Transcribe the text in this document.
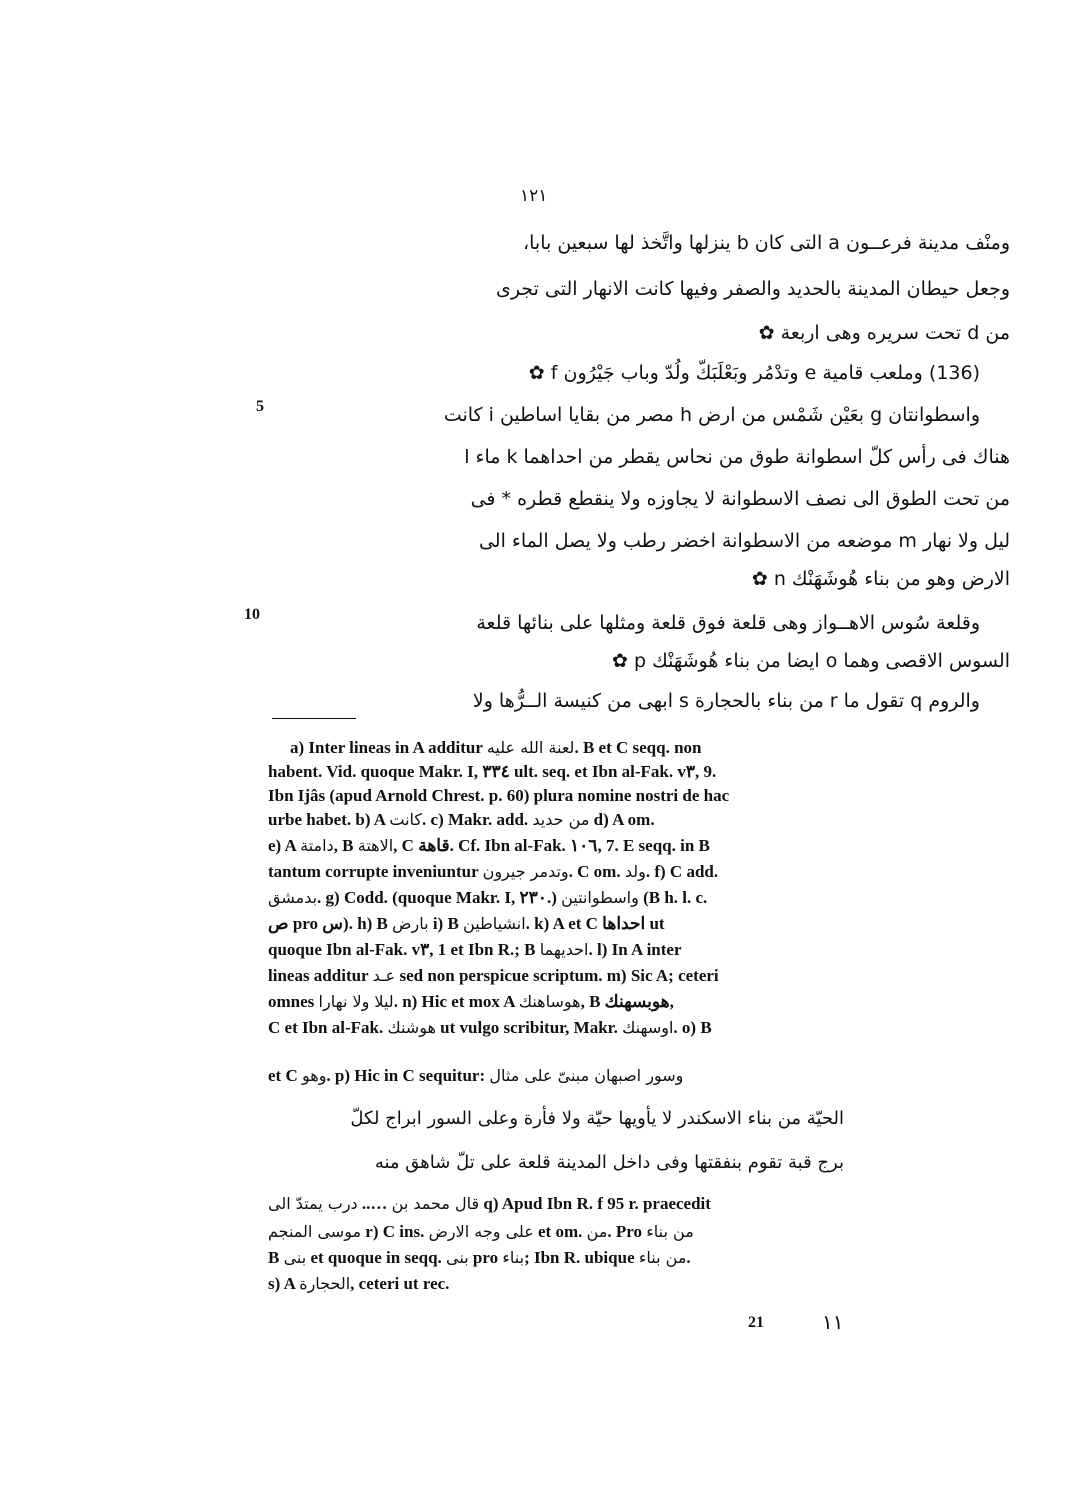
١٢١
ومنْف مدينة فرعــون a التى كان b ينزلها واتَّخذ لها سبعين بابا،
وجعل حيطان المدينة بالحديد والصفر وفيها كانت الانهار التى تجرى
من d تحت سريره وهى اربعة ✿
(136) وملعب قامية e وتدْمُر وبَعْلَبَكّ ولُدّ وباب جَيْرُون f ✿
واسطوانتان g بعَيْن شَمْس من ارض h مصر من بقايا اساطين i كانت
5
هناك فى رأس كلّ اسطوانة طوق من نحاس يقطر من احداهما k ماء l
من تحت الطوق الى نصف الاسطوانة لا يجاوزه ولا ينقطع قطره * فى
ليل ولا نهار m موضعه من الاسطوانة اخضر رطب ولا يصل الماء الى
الارض وهو من بناء هُوشَهَنْك n ✿
وقلعة سُوس الاهــواز وهى قلعة فوق قلعة ومثلها على بنائها قلعة
10
السوس الاقصى وهما o ايضا من بناء هُوشَهَنْك p ✿
والروم q تقول ما r من بناء بالحجارة s ابهى من كنيسة الــرُّها ولا
a) Inter lineas in A additur لعنة الله عليه. B et C seqq. non
habent. Vid. quoque Makr. I, ٣٣٤ ult. seq. et Ibn al-Fak. v٣, 9.
Ibn Ijâs (apud Arnold Chrest. p. 60) plura nomine nostri de hac
urbe habet. b) A كانت. c) Makr. add. من حديد d) A om.
e) A دامتة, B الاهتة, C قاهة. Cf. Ibn al-Fak. ١٠٦, 7. E seqq. in B
tantum corrupte inveniuntur وتدمر جيرون. C om. ولد. f) C add.
بدمشق. g) Codd. (quoque Makr. I, ٢٣٠.) واسطوانتين (B h. l. c.
ص pro س). h) B بارض i) B انشياطين. k) A et C احداها ut
quoque Ibn al-Fak. v٣, 1 et Ibn R.; B احديهما. l) In A inter
lineas additur عـد sed non perspicue scriptum. m) Sic A; ceteri
omnes ليلا ولا نهارا. n) Hic et mox A هوساهنك, B هوبسهنك,
C et Ibn al-Fak. هوشنك ut vulgo scribitur, Makr. اوسهنك. o) B
et C وهو. p) Hic in C sequitur: وسور اصبهان مبنىّ على مثال
الحيّة من بناء الاسكندر لا يأويها حيّة ولا فأرة وعلى السور ابراج لكلّ
برج قبة تقوم بنفقتها وفى داخل المدينة قلعة على تلّ شاهق منه
قال محمد بن ….. درب يمتدّ الى	q) Apud Ibn R. f 95 r. praecedit
موسى المنجم r) C ins. على وجه الارض et om. من. Pro من بناء
B بنى et quoque in seqq. بنى pro بناء; Ibn R. ubique من بناء.
s) A الحجارة, ceteri ut rec.
21	١١
